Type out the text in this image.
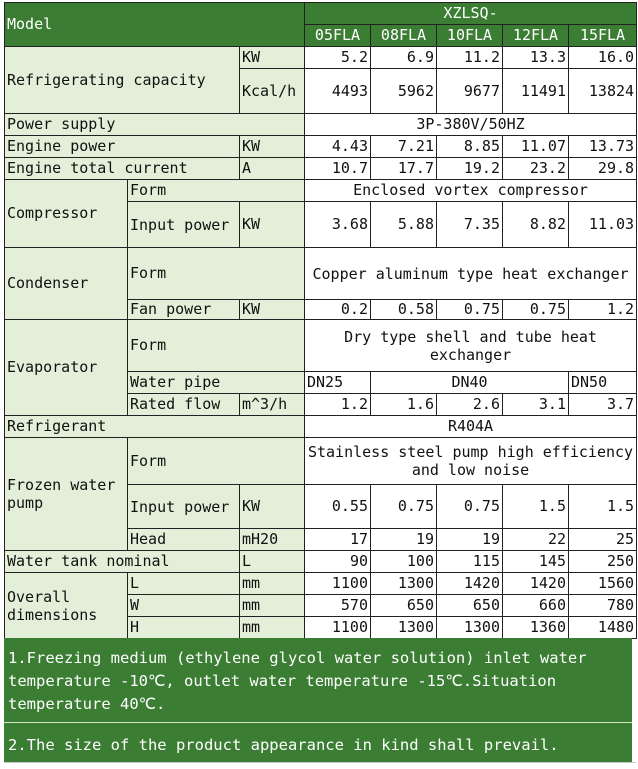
Model			XZLSQ-				
			05FLA	08FLA	10FLA	12FLA	15FLA
Refrigerating capacity		KW	5.2	6.9	11.2	13.3	16.0
		Kcal/h	4493	5962	9677	11491	13824
Power supply			3P-380V/50HZ				
Engine power		KW	4.43	7.21	8.85	11.07	13.73
Engine total current		A	10.7	17.7	19.2	23.2	29.8
Compressor	Form		Enclosed vortex compressor				
	Input power	KW	3.68	5.88	7.35	8.82	11.03
Condenser	Form		Copper aluminum type heat exchanger				
	Fan power	KW	0.2	0.58	0.75	0.75	1.2
Evaporator	Form		Dry type shell and tube heat exchanger				
	Water pipe		DN25	DN40			DN50
	Rated flow	m^3/h	1.2	1.6	2.6	3.1	3.7
Refrigerant			R404A				
Frozen water pump	Form		Stainless steel pump high efficiency and low noise				
	Input power	KW	0.55	0.75	0.75	1.5	1.5
	Head	mH20	17	19	19	22	25
Water tank nominal		L	90	100	115	145	250
Overall dimensions	L	mm	1100	1300	1420	1420	1560
	W	mm	570	650	650	660	780
	H	mm	1100	1300	1300	1360	1480
1.Freezing medium (ethylene glycol water solution) inlet water temperature -10℃, outlet water temperature -15℃.Situation temperature 40℃.
2.The size of the product appearance in kind shall prevail.
